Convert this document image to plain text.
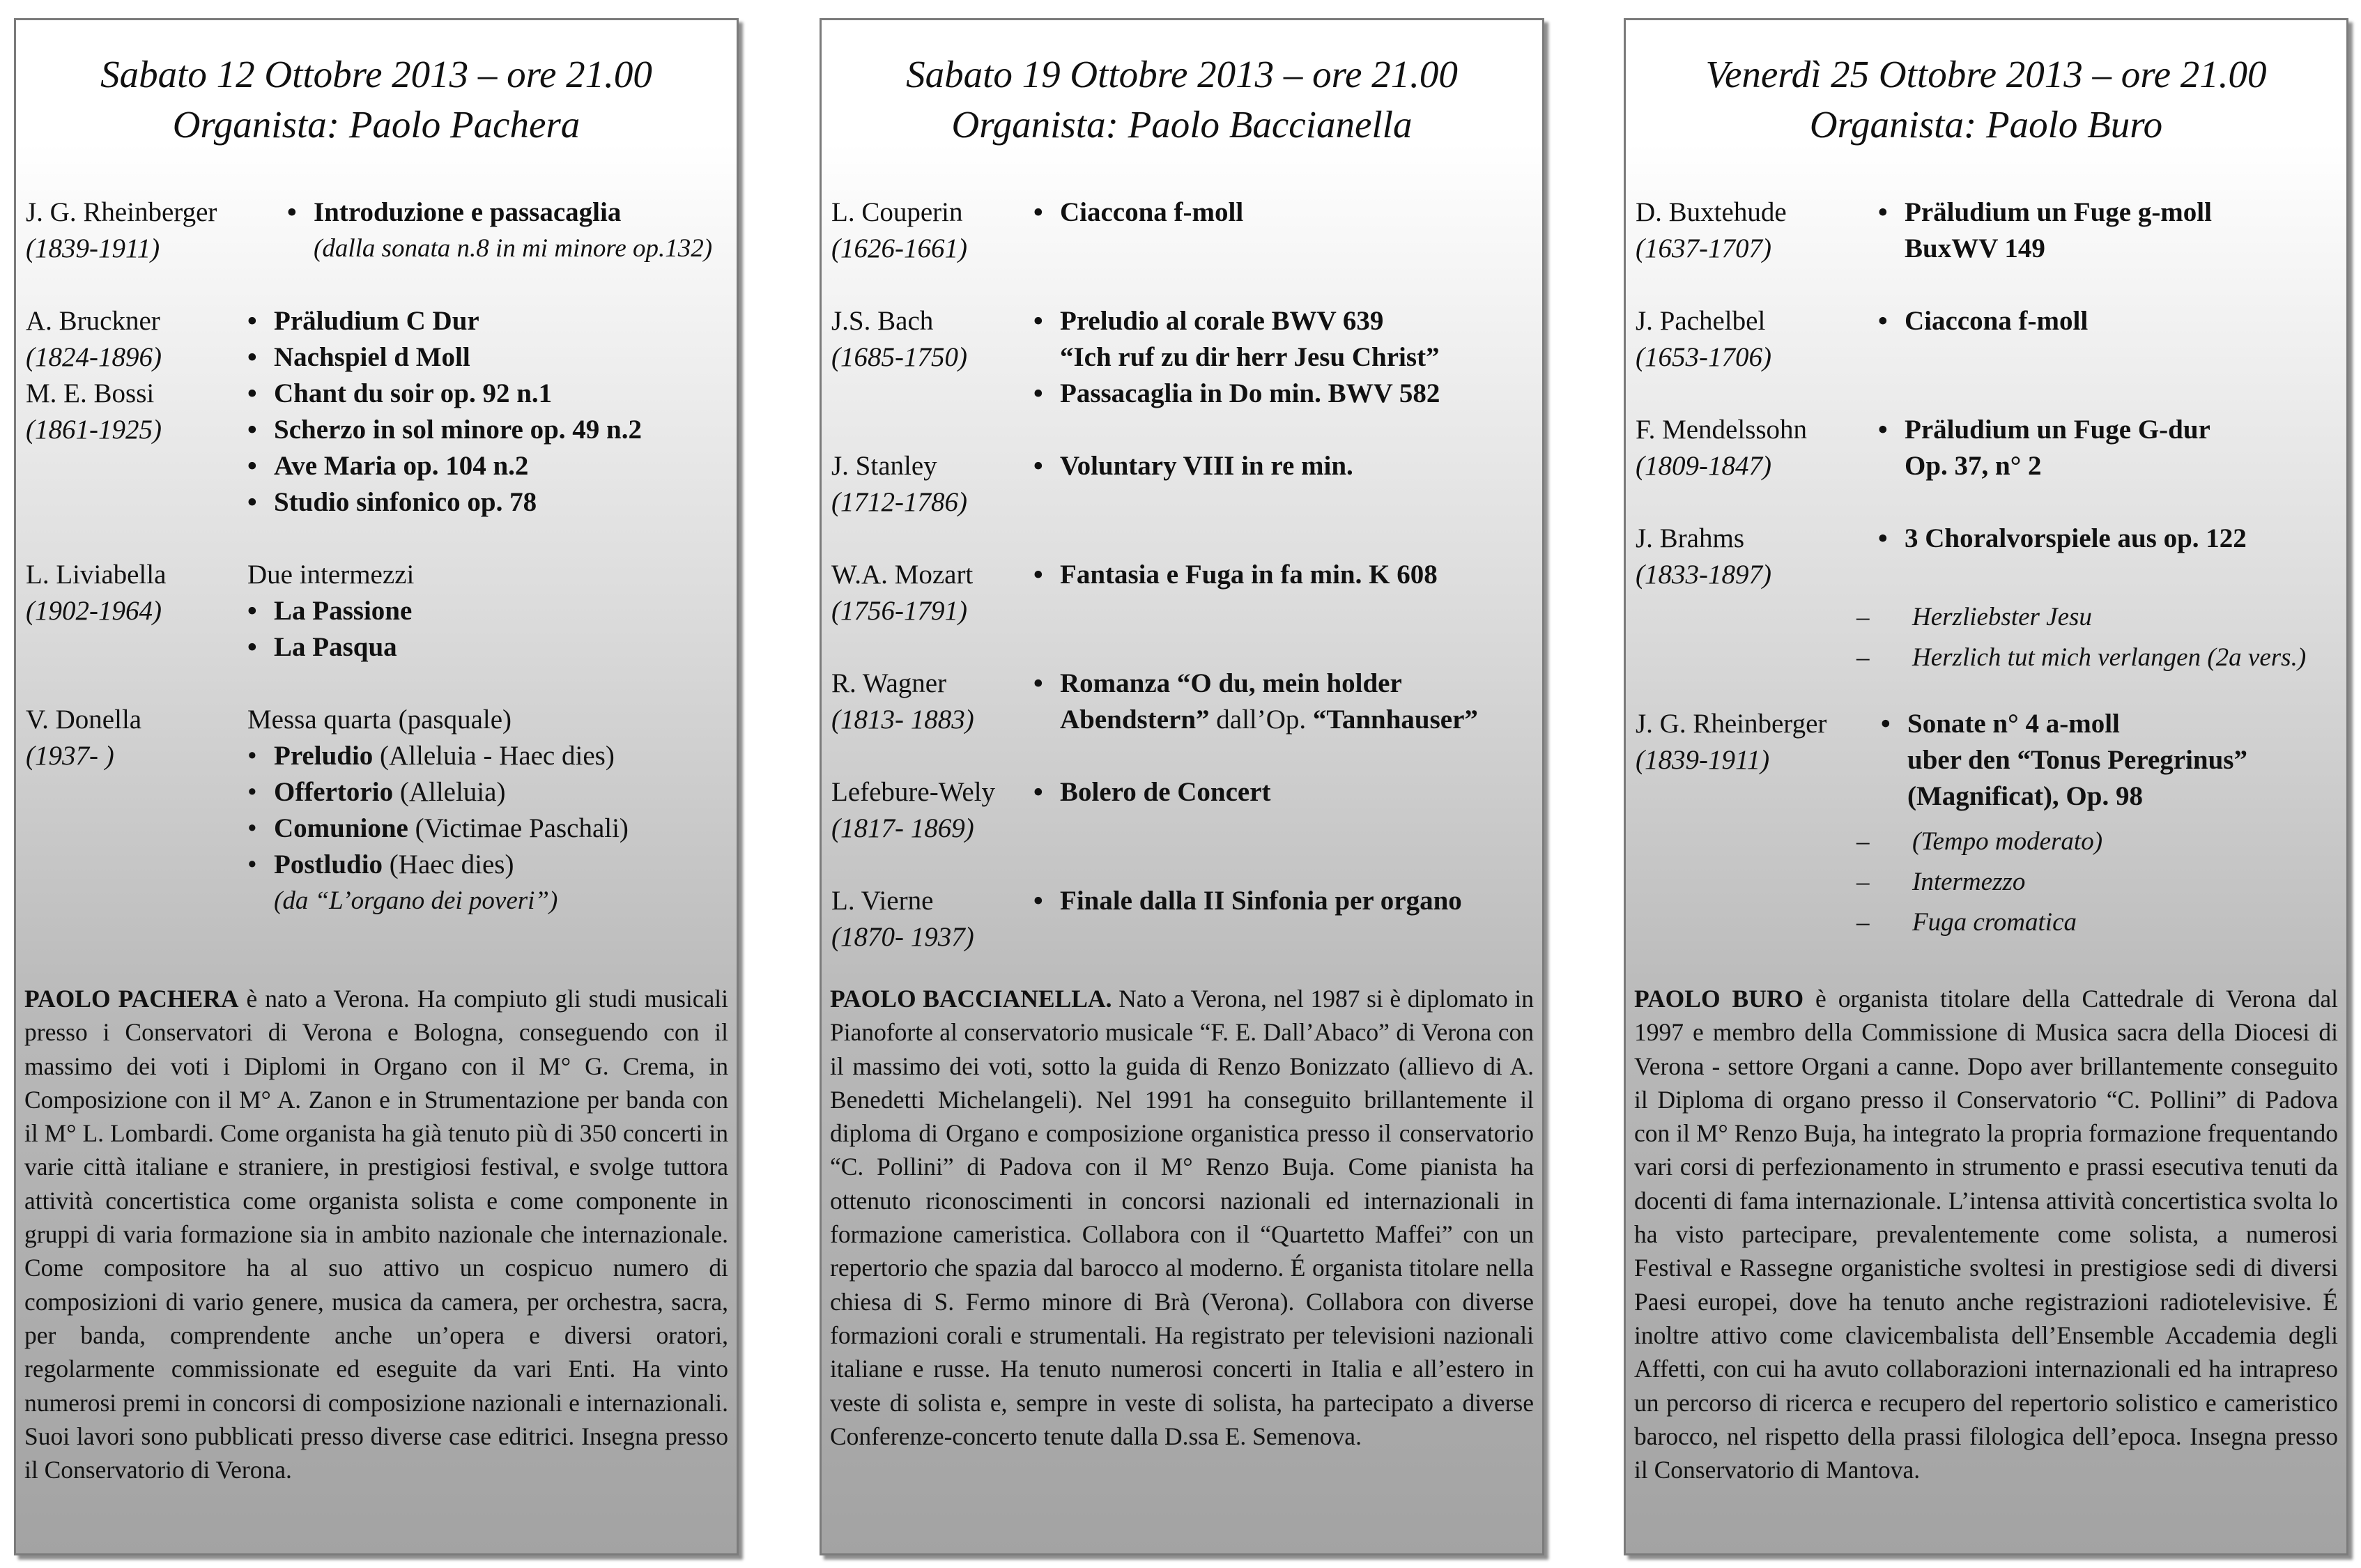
Sabato 12 Ottobre 2013 – ore 21.00
Organista: Paolo Pachera
J. G. Rheinberger
(1839-1911)
• Introduzione e passacaglia
(dalla sonata n.8 in mi minore op.132)
A. Bruckner
(1824-1896)
• Präludium C Dur
• Nachspiel d Moll
M. E. Bossi
(1861-1925)
• Chant du soir op. 92 n.1
• Scherzo in sol minore op. 49 n.2
• Ave Maria op. 104 n.2
• Studio sinfonico op. 78
L. Liviabella
(1902-1964)
Due intermezzi
• La Passione
• La Pasqua
V. Donella
(1937- )
Messa quarta (pasquale)
• Preludio (Alleluia - Haec dies)
• Offertorio (Alleluia)
• Comunione (Victimae Paschali)
• Postludio (Haec dies)
(da “L’organo dei poveri”)
PAOLO PACHERA è nato a Verona. Ha compiuto gli studi musicali presso i Conservatori di Verona e Bologna, conseguendo con il massimo dei voti i Diplomi in Organo con il M° G. Crema, in Composizione con il M° A. Zanon e in Strumentazione per banda con il M° L. Lombardi. Come organista ha già tenuto più di 350 concerti in varie città italiane e straniere, in prestigiosi festival, e svolge tuttora attività concertistica come organista solista e come componente in gruppi di varia formazione sia in ambito nazionale che internazionale. Come compositore ha al suo attivo un cospicuo numero di composizioni di vario genere, musica da camera, per orchestra, sacra, per banda, comprendente anche un’opera e diversi oratori, regolarmente commissionate ed eseguite da vari Enti. Ha vinto numerosi premi in concorsi di composizione nazionali e internazionali. Suoi lavori sono pubblicati presso diverse case editrici. Insegna presso il Conservatorio di Verona.
Sabato 19 Ottobre 2013 – ore 21.00
Organista: Paolo Baccianella
L. Couperin
(1626-1661)
• Ciaccona f-moll
J.S. Bach
(1685-1750)
• Preludio al corale BWV 639
“Ich ruf zu dir herr Jesu Christ”
• Passacaglia in Do min. BWV 582
J. Stanley
(1712-1786)
• Voluntary VIII in re min.
W.A. Mozart
(1756-1791)
• Fantasia e Fuga in fa min. K 608
R. Wagner
(1813- 1883)
• Romanza “O du, mein holder
Abendstern” dall’Op. “Tannhauser”
Lefebure-Wely
(1817- 1869)
• Bolero de Concert
L. Vierne
(1870- 1937)
• Finale dalla II Sinfonia per organo
PAOLO BACCIANELLA. Nato a Verona, nel 1987 si è diplomato in Pianoforte al conservatorio musicale “F. E. Dall’Abaco” di Verona con il massimo dei voti, sotto la guida di Renzo Bonizzato (allievo di A. Benedetti Michelangeli). Nel 1991 ha conseguito brillantemente il diploma di Organo e composizione organistica presso il conservatorio “C. Pollini” di Padova con il M° Renzo Buja. Come pianista ha ottenuto riconoscimenti in concorsi nazionali ed internazionali in formazione cameristica. Collabora con il “Quartetto Maffei” con un repertorio che spazia dal barocco al moderno. É organista titolare nella chiesa di S. Fermo minore di Brà (Verona). Collabora con diverse formazioni corali e strumentali. Ha registrato per televisioni nazionali italiane e russe. Ha tenuto numerosi concerti in Italia e all’estero in veste di solista e, sempre in veste di solista, ha partecipato a diverse Conferenze-concerto tenute dalla D.ssa E. Semenova.
Venerdì 25 Ottobre 2013 – ore 21.00
Organista: Paolo Buro
D. Buxtehude
(1637-1707)
• Präludium un Fuge g-moll
BuxWV 149
J. Pachelbel
(1653-1706)
• Ciaccona f-moll
F. Mendelssohn
(1809-1847)
• Präludium un Fuge G-dur
Op. 37, n° 2
J. Brahms
(1833-1897)
• 3 Choralvorspiele aus op. 122
– Herzliebster Jesu
– Herzlich tut mich verlangen (2a vers.)
J. G. Rheinberger
(1839-1911)
• Sonate n° 4 a-moll
uber den “Tonus Peregrinus”
(Magnificat), Op. 98
– (Tempo moderato)
– Intermezzo
– Fuga cromatica
PAOLO BURO è organista titolare della Cattedrale di Verona dal 1997 e membro della Commissione di Musica sacra della Diocesi di Verona - settore Organi a canne. Dopo aver brillantemente conseguito il Diploma di organo presso il Conservatorio “C. Pollini” di Padova con il M° Renzo Buja, ha integrato la propria formazione frequentando vari corsi di perfezionamento in strumento e prassi esecutiva tenuti da docenti di fama internazionale. L’intensa attività concertistica svolta lo ha visto partecipare, prevalentemente come solista, a numerosi Festival e Rassegne organistiche svoltesi in prestigiose sedi di diversi Paesi europei, dove ha tenuto anche registrazioni radiotelevisive. É inoltre attivo come clavicembalista dell’Ensemble Accademia degli Affetti, con cui ha avuto collaborazioni internazionali ed ha intrapreso un percorso di ricerca e recupero del repertorio solistico e cameristico barocco, nel rispetto della prassi filologica dell’epoca. Insegna presso il Conservatorio di Mantova.
